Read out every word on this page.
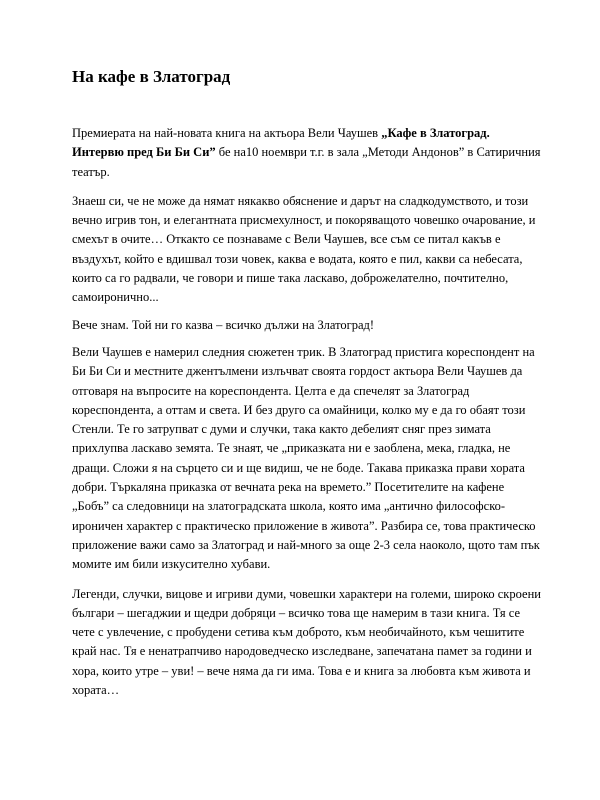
На кафе в Златоград

Премиерата на най-новата книга на актьора Вели Чаушев „Кафе в Златоград. Интервю пред Би Би Си” бе на10 ноември т.г. в зала „Методи Андонов” в Сатиричния театър.

Знаеш си, че не може да нямат някакво обяснение и дарът на сладкодумството, и този вечно игрив тон, и елегантната присмехулност, и покоряващото човешко очарование, и смехът в очите… Откакто се познаваме с Вели Чаушев, все съм се питал какъв е въздухът, който е вдишвал този човек, каква е водата, която е пил, какви са небесата, които са го радвали, че говори и пише така ласкаво, доброжелателно, почтително, самоиронично...

Вече знам. Той ни го казва – всичко дължи на Златоград!

Вели Чаушев е намерил следния сюжетен трик. В Златоград пристига кореспондент на Би Би Си и местните джентълмени излъчват своята гордост актьора Вели Чаушев да отговаря на въпросите на кореспондента. Целта е да спечелят за Златоград кореспондента, а оттам и света. И без друго са омайници, колко му е да го обаят този Стенли. Те го затрупват с думи и случки, така както дебелият сняг през зимата прихлупва ласкаво земята. Те знаят, че „приказката ни е заоблена, мека, гладка, не дращи. Сложи я на сърцето си и ще видиш, че не боде. Такава приказка прави хората добри. Търкаляна приказка от вечната река на времето.” Посетителите на кафене „Бобъ” са следовници на златоградската школа, която има „антично философско-ироничен характер с практическо приложение в живота”. Разбира се, това практическо приложение важи само за Златоград и най-много за още 2-3 села наоколо, щото там пък момите им били изкусително хубави.

Легенди, случки, вицове и игриви думи, човешки характери на големи, широко скроени българи – шегаджии и щедри добряци – всичко това ще намерим в тази книга. Тя се чете с увлечение, с пробудени сетива към доброто, към необичайното, към чешитите край нас. Тя е ненатрапчиво народоведческо изследване, запечатана памет за години и хора, които утре – уви! – вече няма да ги има. Това е и книга за любовта към живота и хората…
